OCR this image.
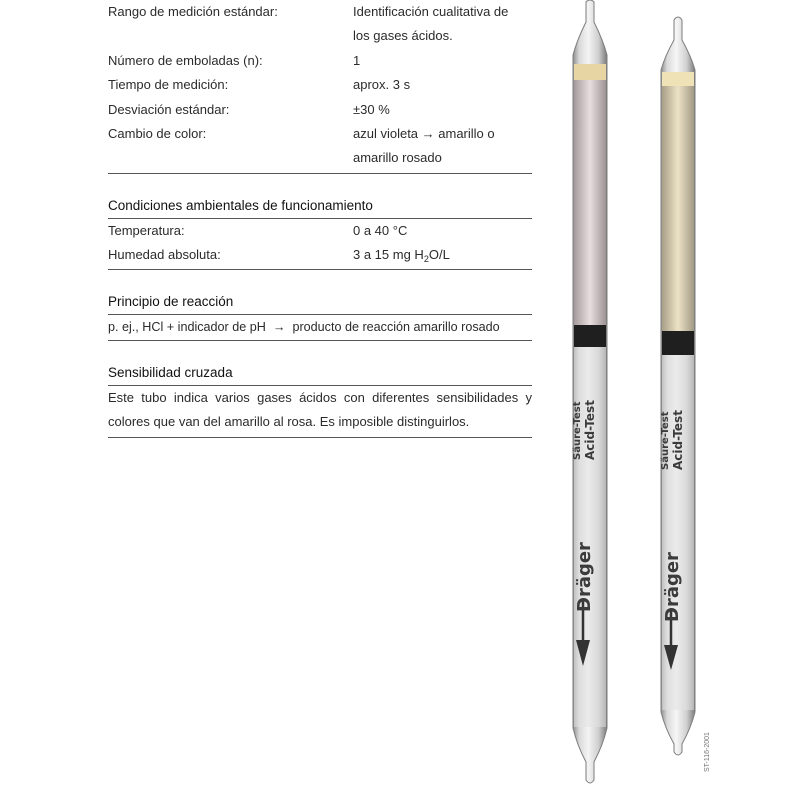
Rango de medición estándar:	Identificación cualitativa de
los gases ácidos.
Número de emboladas (n):	1
Tiempo de medición:	aprox. 3 s
Desviación estándar:	±30 %
Cambio de color:	azul violeta → amarillo o
amarillo rosado
Condiciones ambientales de funcionamiento
Temperatura:	0 a 40 °C
Humedad absoluta:	3 a 15 mg $H_2O/L$
Principio de reacción
p. ej., HCl + indicador de pH  →  producto de reacción amarillo rosado
Sensibilidad cruzada
Este tubo indica varios gases ácidos con diferentes sensibilidades y colores que van del amarillo al rosa. Es imposible distinguirlos.	Säure-Test Acid-Test
Dräger
Säure-Test Acid-Test
Dräger
ST-116-2001
